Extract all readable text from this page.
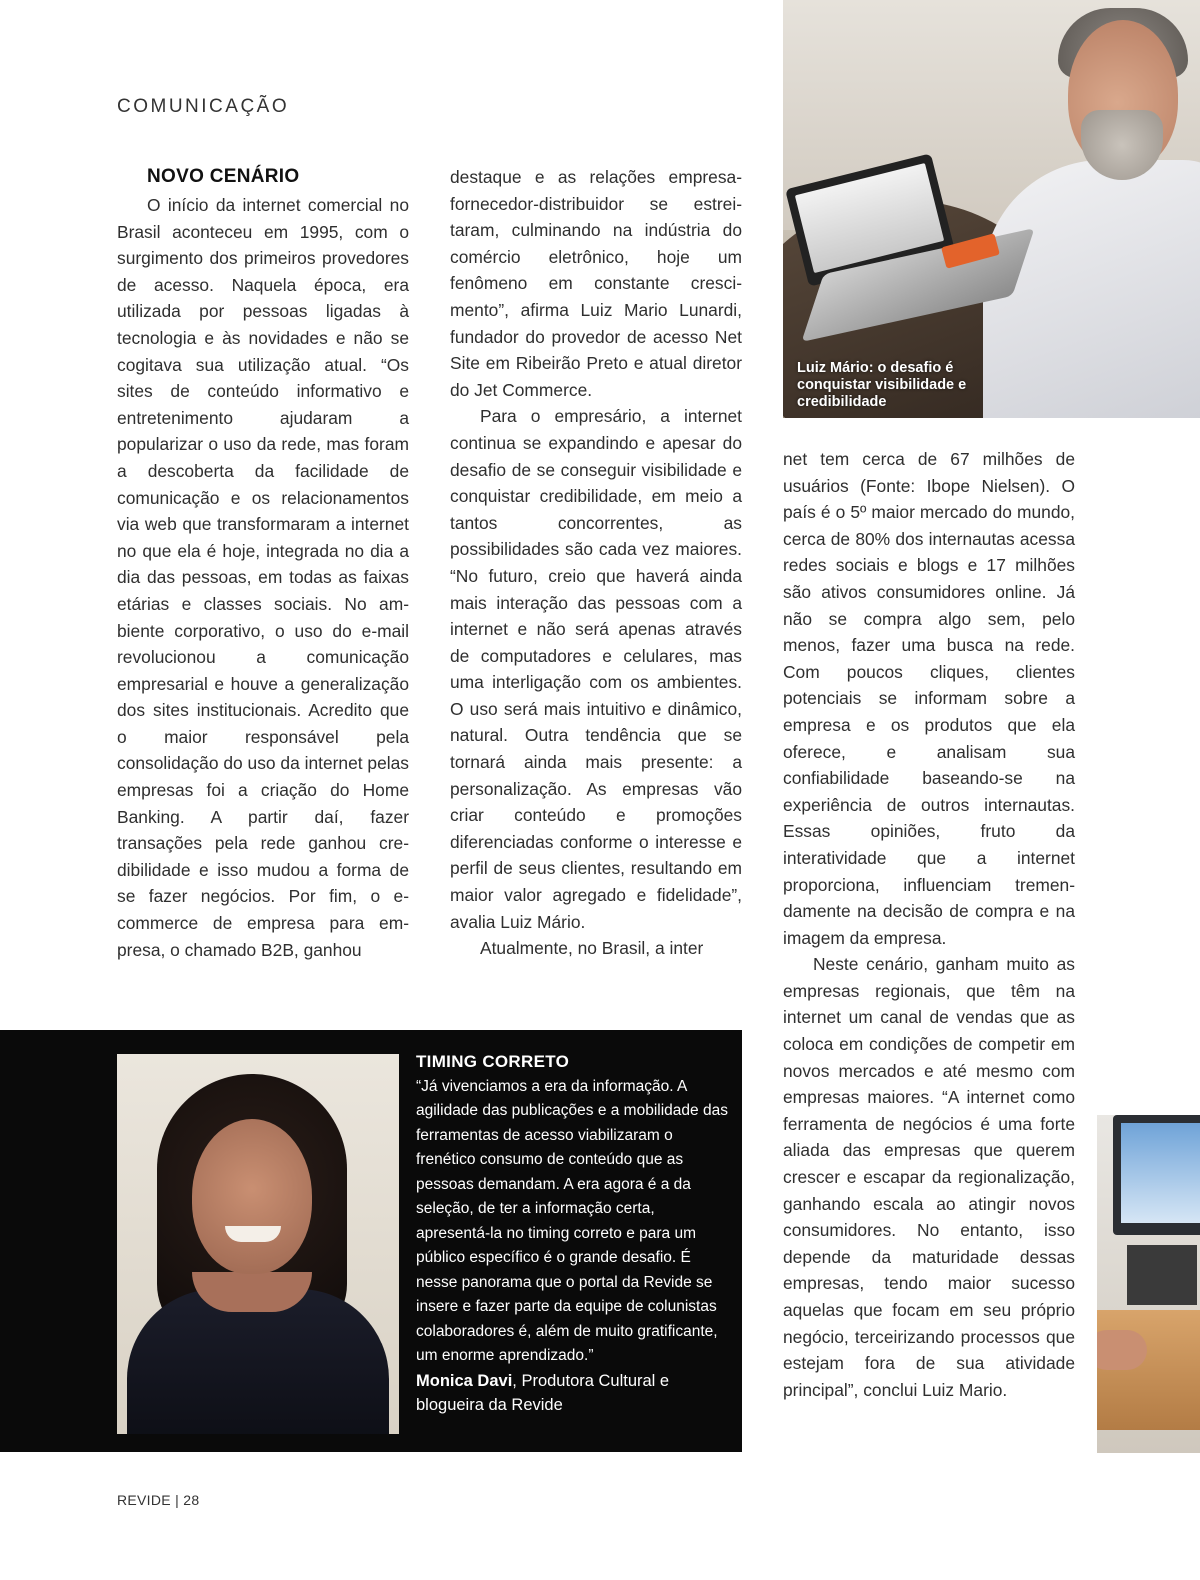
COMUNICAÇÃO
NOVO CENÁRIO

O início da internet comercial no Brasil aconteceu em 1995, com o surgimento dos primeiros provedores de acesso. Naquela época, era utilizada por pessoas ligadas à tecnologia e às novidades e não se cogitava sua utilização atual. “Os sites de conteúdo informativo e entretenimento ajudaram a popularizar o uso da rede, mas foram a descoberta da facilidade de comunicação e os relacionamentos via web que transformaram a internet no que ela é hoje, integrada no dia a dia das pessoas, em todas as faixas etárias e classes sociais. No ambiente corporativo, o uso do e-mail revolucionou a comunicação empresarial e houve a generalização dos sites institucionais. Acredito que o maior responsável pela consolidação do uso da internet pelas empresas foi a criação do Home Banking. A partir daí, fazer transações pela rede ganhou credibilidade e isso mudou a forma de se fazer negócios. Por fim, o e-commerce de empresa para empresa, o chamado B2B, ganhou

destaque e as relações empresa-fornecedor-distribuidor se estreitaram, culminando na indústria do comércio eletrônico, hoje um fenômeno em constante crescimento”, afirma Luiz Mario Lunardi, fundador do provedor de acesso Net Site em Ribeirão Preto e atual diretor do Jet Commerce.

Para o empresário, a internet continua se expandindo e apesar do desafio de se conseguir visibilidade e conquistar credibilidade, em meio a tantos concorrentes, as possibilidades são cada vez maiores. “No futuro, creio que haverá ainda mais interação das pessoas com a internet e não será apenas através de computadores e celulares, mas uma interligação com os ambientes. O uso será mais intuitivo e dinâmico, natural. Outra tendência que se tornará ainda mais presente: a personalização. As empresas vão criar conteúdo e promoções diferenciadas conforme o interesse e perfil de seus clientes, resultando em maior valor agregado e fidelidade”, avalia Luiz Mário.

Atualmente, no Brasil, a inter

Luiz Mário: o desafio é conquistar visibilidade e credibilidade

net tem cerca de 67 milhões de usuários (Fonte: Ibope Nielsen). O país é o 5º maior mercado do mundo, cerca de 80% dos internautas acessa redes sociais e blogs e 17 milhões são ativos consumidores online. Já não se compra algo sem, pelo menos, fazer uma busca na rede. Com poucos cliques, clientes potenciais se informam sobre a empresa e os produtos que ela oferece, e analisam sua confiabilidade baseando-se na experiência de outros internautas. Essas opiniões, fruto da interatividade que a internet proporciona, influenciam tremendamente na decisão de compra e na imagem da empresa.

Neste cenário, ganham muito as empresas regionais, que têm na internet um canal de vendas que as coloca em condições de competir em novos mercados e até mesmo com empresas maiores. “A internet como ferramenta de negócios é uma forte aliada das empresas que querem crescer e escapar da regionalização, ganhando escala ao atingir novos consumidores. No entanto, isso depende da maturidade dessas empresas, tendo maior sucesso aquelas que focam em seu próprio negócio, terceirizando processos que estejam fora de sua atividade principal”, conclui Luiz Mario.

TIMING CORRETO
“Já vivenciamos a era da informação. A agilidade das publicações e a mobilidade das ferramentas de acesso viabilizaram o frenético consumo de conteúdo que as pessoas demandam. A era agora é a da seleção, de ter a informação certa, apresentá-la no timing correto e para um público específico é o grande desafio. É nesse panorama que o portal da Revide se insere e fazer parte da equipe de colunistas colaboradores é, além de muito gratificante, um enorme aprendizado.”
Monica Davi, Produtora Cultural e blogueira da Revide
REVIDE | 28
